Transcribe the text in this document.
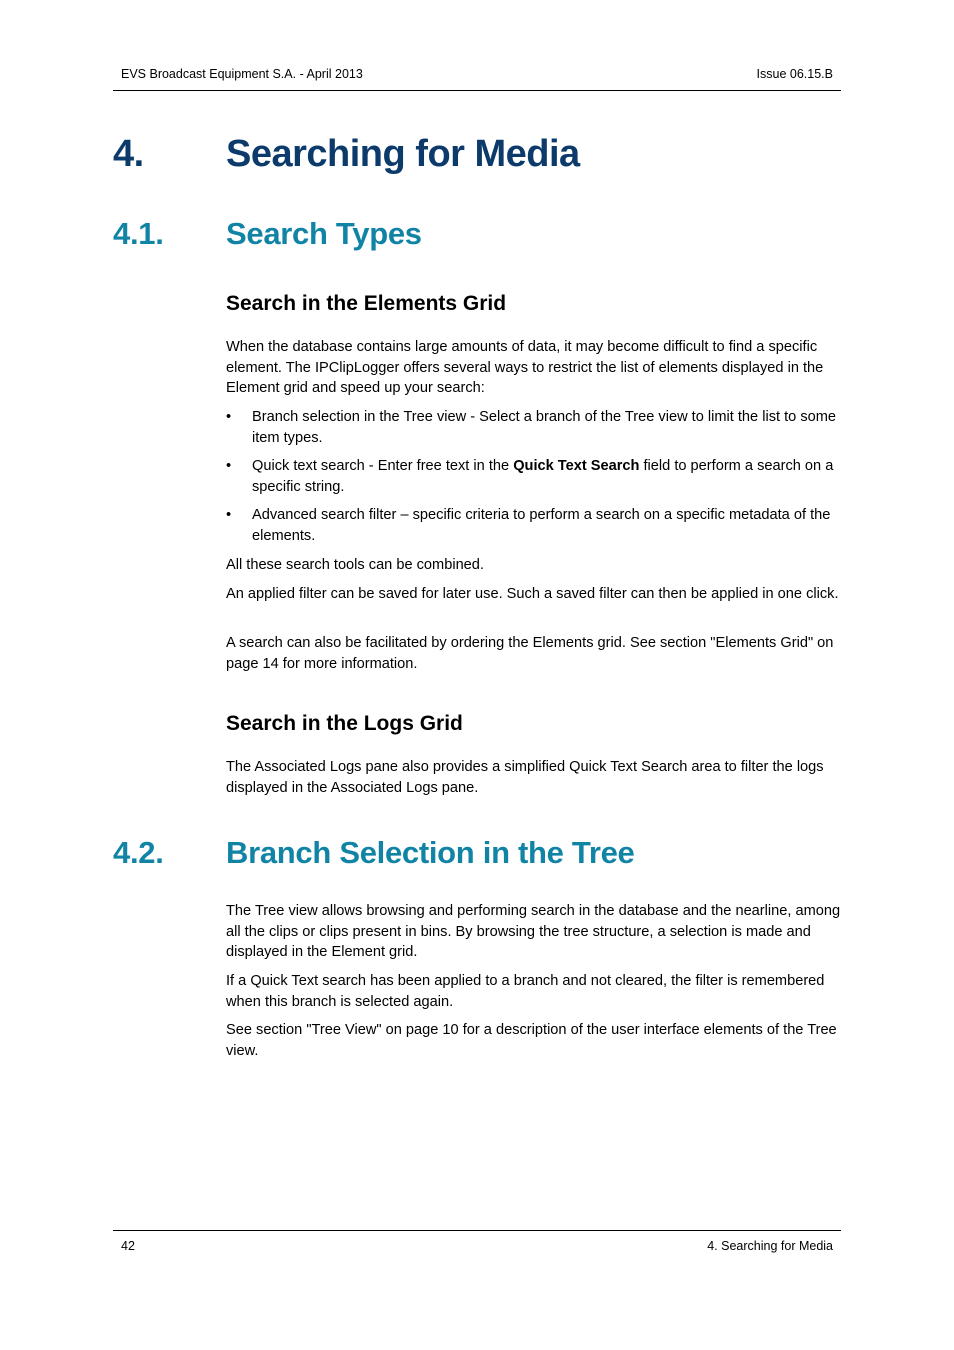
EVS Broadcast Equipment S.A. - April 2013	Issue 06.15.B
4. Searching for Media
4.1. Search Types
Search in the Elements Grid

When the database contains large amounts of data, it may become difficult to find a specific element. The IPClipLogger offers several ways to restrict the list of elements displayed in the Element grid and speed up your search:

• Branch selection in the Tree view - Select a branch of the Tree view to limit the list to some item types.
• Quick text search - Enter free text in the Quick Text Search field to perform a search on a specific string.
• Advanced search filter – specific criteria to perform a search on a specific metadata of the elements.

All these search tools can be combined.

An applied filter can be saved for later use. Such a saved filter can then be applied in one click.

A search can also be facilitated by ordering the Elements grid. See section "Elements Grid" on page 14 for more information.

Search in the Logs Grid

The Associated Logs pane also provides a simplified Quick Text Search area to filter the logs displayed in the Associated Logs pane.

4.2. Branch Selection in the Tree

The Tree view allows browsing and performing search in the database and the nearline, among all the clips or clips present in bins. By browsing the tree structure, a selection is made and displayed in the Element grid.

If a Quick Text search has been applied to a branch and not cleared, the filter is remembered when this branch is selected again.

See section "Tree View" on page 10 for a description of the user interface elements of the Tree view.

42	4. Searching for Media
